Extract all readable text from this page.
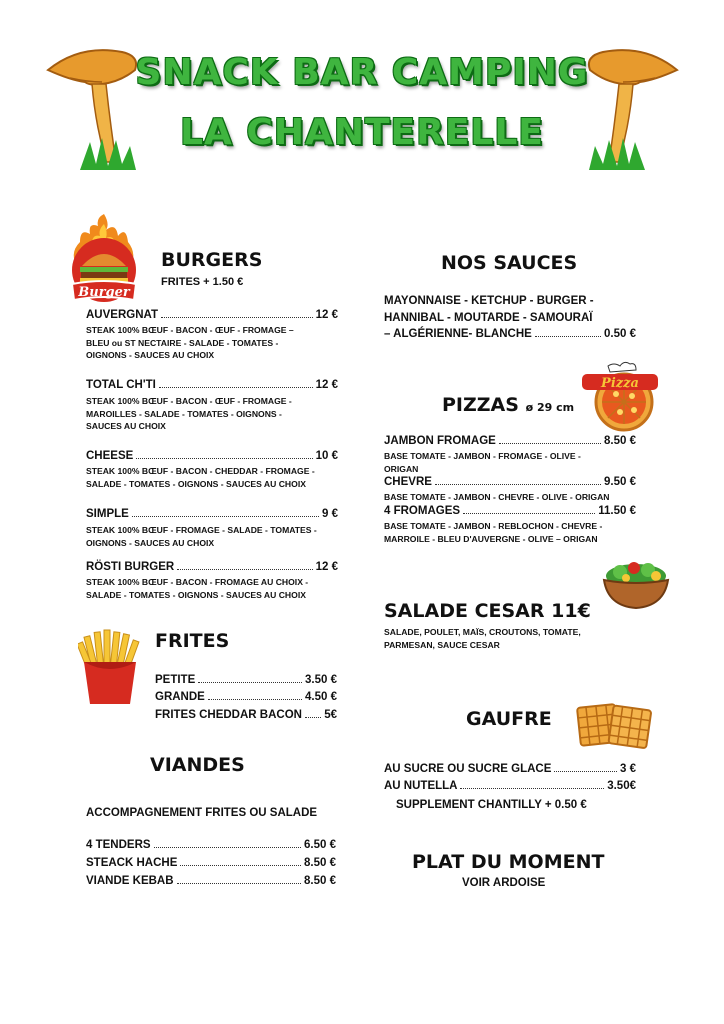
SNACK BAR CAMPING
LA CHANTERELLE
Burger
BURGERS
FRITES + 1.50 €
AUVERGNAT	12 €
STEAK 100% BŒUF - BACON - ŒUF - FROMAGE –
BLEU ou ST NECTAIRE - SALADE - TOMATES -
OIGNONS - SAUCES AU CHOIX
TOTAL CH'TI	12 €
STEAK 100% BŒUF - BACON - ŒUF - FROMAGE -
MAROILLES - SALADE - TOMATES - OIGNONS -
SAUCES AU CHOIX
CHEESE	10 €
STEAK 100% BŒUF - BACON - CHEDDAR - FROMAGE -
SALADE - TOMATES - OIGNONS - SAUCES AU CHOIX
SIMPLE	9 €
STEAK 100% BŒUF - FROMAGE - SALADE - TOMATES -
OIGNONS - SAUCES AU CHOIX
RÖSTI BURGER	12 €
STEAK 100% BŒUF - BACON - FROMAGE AU CHOIX -
SALADE - TOMATES - OIGNONS - SAUCES AU CHOIX
FRITES
PETITE	3.50 €
GRANDE	4.50 €
FRITES CHEDDAR BACON 5€
VIANDES
ACCOMPAGNEMENT FRITES OU SALADE
4 TENDERS	6.50 €
STEACK HACHE	8.50 €
VIANDE KEBAB	8.50 €
NOS SAUCES
MAYONNAISE - KETCHUP - BURGER -
HANNIBAL - MOUTARDE - SAMOURAÏ
– ALGÉRIENNE- BLANCHE	0.50 €
PIZZAS ø 29 cm
Pizza
JAMBON FROMAGE	8.50 €
BASE TOMATE - JAMBON - FROMAGE - OLIVE -
ORIGAN
CHEVRE	9.50 €
BASE TOMATE - JAMBON - CHEVRE - OLIVE - ORIGAN
4 FROMAGES	11.50 €
BASE TOMATE - JAMBON - REBLOCHON - CHEVRE -
MARROILE - BLEU D'AUVERGNE - OLIVE – ORIGAN
SALADE CESAR 11€
SALADE, POULET, MAÏS, CROUTONS, TOMATE,
PARMESAN, SAUCE CESAR
GAUFRE
AU SUCRE OU SUCRE GLACE	3 €
AU NUTELLA	3.50€
SUPPLEMENT CHANTILLY + 0.50 €
PLAT DU MOMENT
VOIR ARDOISE
